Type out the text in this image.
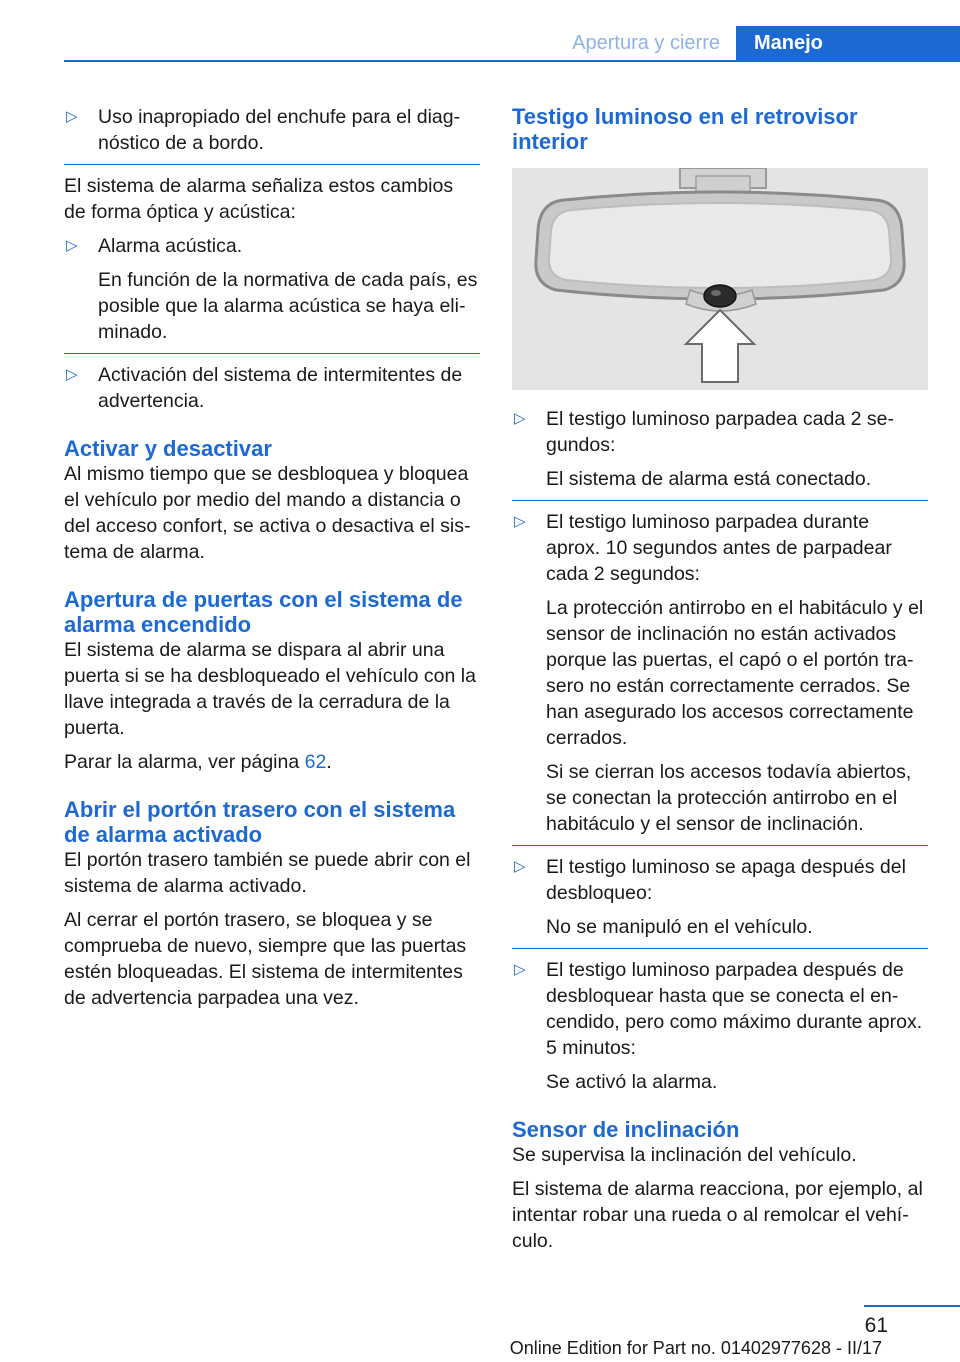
Apertura y cierre	Manejo
▷ Uso inapropiado del enchufe para el diagnóstico de a bordo.

El sistema de alarma señaliza estos cambios de forma óptica y acústica:

▷ Alarma acústica.
En función de la normativa de cada país, es posible que la alarma acústica se haya eliminado.
▷ Activación del sistema de intermitentes de advertencia.
Activar y desactivar

Al mismo tiempo que se desbloquea y bloquea el vehículo por medio del mando a distancia o del acceso confort, se activa o desactiva el sistema de alarma.

Apertura de puertas con el sistema de alarma encendido

El sistema de alarma se dispara al abrir una puerta si se ha desbloqueado el vehículo con la llave integrada a través de la cerradura de la puerta.

Parar la alarma, ver página 62.

Abrir el portón trasero con el sistema de alarma activado

El portón trasero también se puede abrir con el sistema de alarma activado.

Al cerrar el portón trasero, se bloquea y se comprueba de nuevo, siempre que las puertas estén bloqueadas. El sistema de intermitentes de advertencia parpadea una vez.

Testigo luminoso en el retrovisor interior
▷ El testigo luminoso parpadea cada 2 segundos:
El sistema de alarma está conectado.
▷ El testigo luminoso parpadea durante aprox. 10 segundos antes de parpadear cada 2 segundos:
La protección antirrobo en el habitáculo y el sensor de inclinación no están activados porque las puertas, el capó o el portón trasero no están correctamente cerrados. Se han asegurado los accesos correctamente cerrados.
Si se cierran los accesos todavía abiertos, se conectan la protección antirrobo en el habitáculo y el sensor de inclinación.
▷ El testigo luminoso se apaga después del desbloqueo:
No se manipuló en el vehículo.
▷ El testigo luminoso parpadea después de desbloquear hasta que se conecta el encendido, pero como máximo durante aprox. 5 minutos:
Se activó la alarma.
Sensor de inclinación

Se supervisa la inclinación del vehículo.

El sistema de alarma reacciona, por ejemplo, al intentar robar una rueda o al remolcar el vehículo.

61
Online Edition for Part no. 01402977628 - II/17
